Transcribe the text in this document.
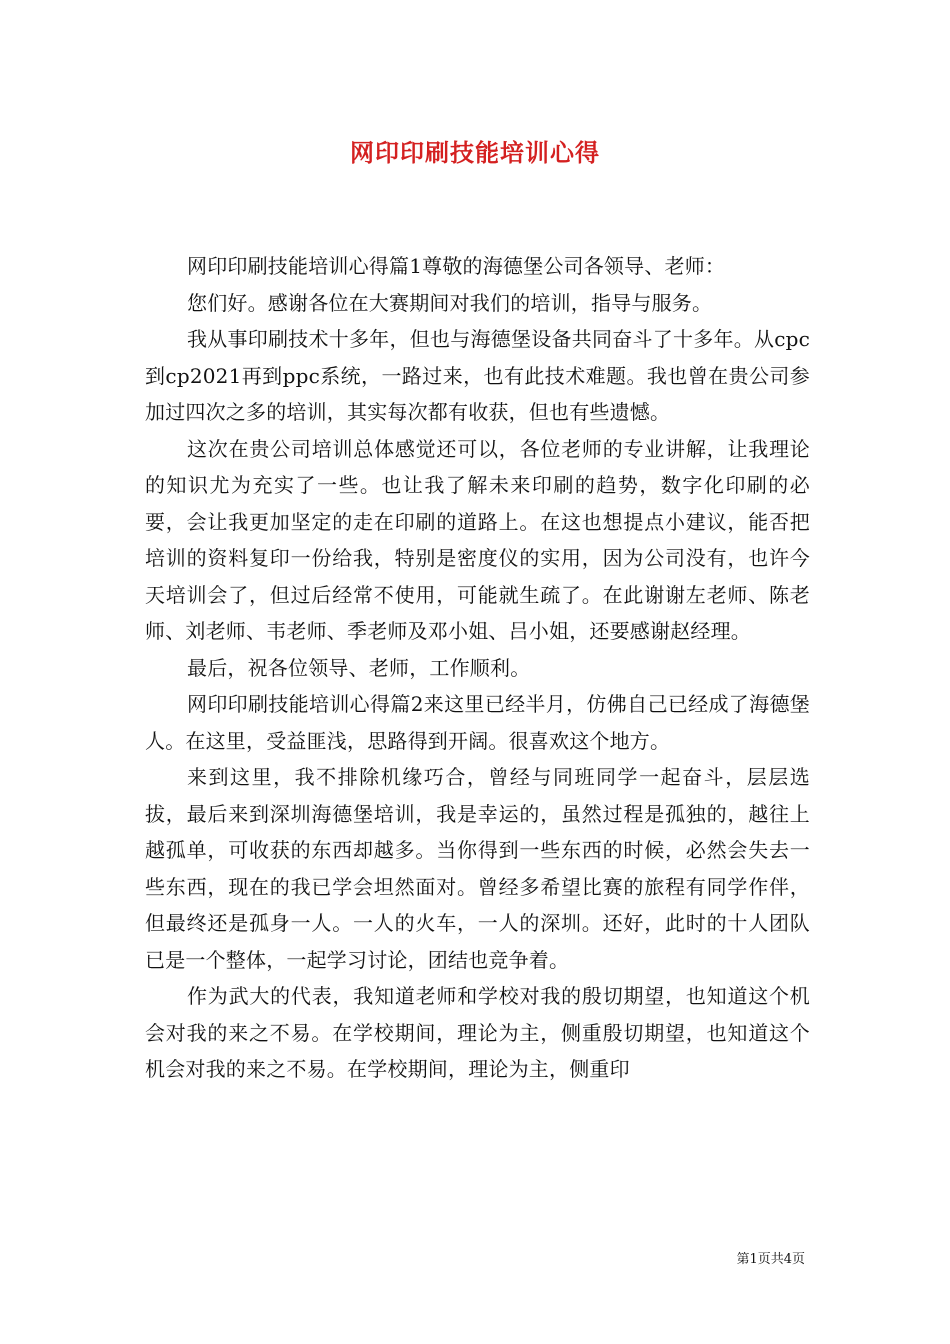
网印印刷技能培训心得

网印印刷技能培训心得篇1尊敬的海德堡公司各领导、老师：

您们好。感谢各位在大赛期间对我们的培训，指导与服务。

我从事印刷技术十多年，但也与海德堡设备共同奋斗了十多年。从cpc到cp2021再到ppc系统，一路过来，也有此技术难题。我也曾在贵公司参加过四次之多的培训，其实每次都有收获，但也有些遗憾。

这次在贵公司培训总体感觉还可以，各位老师的专业讲解，让我理论的知识尤为充实了一些。也让我了解未来印刷的趋势，数字化印刷的必要，会让我更加坚定的走在印刷的道路上。在这也想提点小建议，能否把培训的资料复印一份给我，特别是密度仪的实用，因为公司没有，也许今天培训会了，但过后经常不使用，可能就生疏了。在此谢谢左老师、陈老师、刘老师、韦老师、季老师及邓小姐、吕小姐，还要感谢赵经理。

最后，祝各位领导、老师，工作顺利。

网印印刷技能培训心得篇2来这里已经半月，仿佛自己已经成了海德堡人。在这里，受益匪浅，思路得到开阔。很喜欢这个地方。

来到这里，我不排除机缘巧合，曾经与同班同学一起奋斗，层层选拔，最后来到深圳海德堡培训，我是幸运的，虽然过程是孤独的，越往上越孤单，可收获的东西却越多。当你得到一些东西的时候，必然会失去一些东西，现在的我已学会坦然面对。曾经多希望比赛的旅程有同学作伴，但最终还是孤身一人。一人的火车，一人的深圳。还好，此时的十人团队已是一个整体，一起学习讨论，团结也竞争着。

作为武大的代表，我知道老师和学校对我的殷切期望，也知道这个机会对我的来之不易。在学校期间，理论为主，侧重殷切期望，也知道这个机会对我的来之不易。在学校期间，理论为主，侧重印

第1页共4页
